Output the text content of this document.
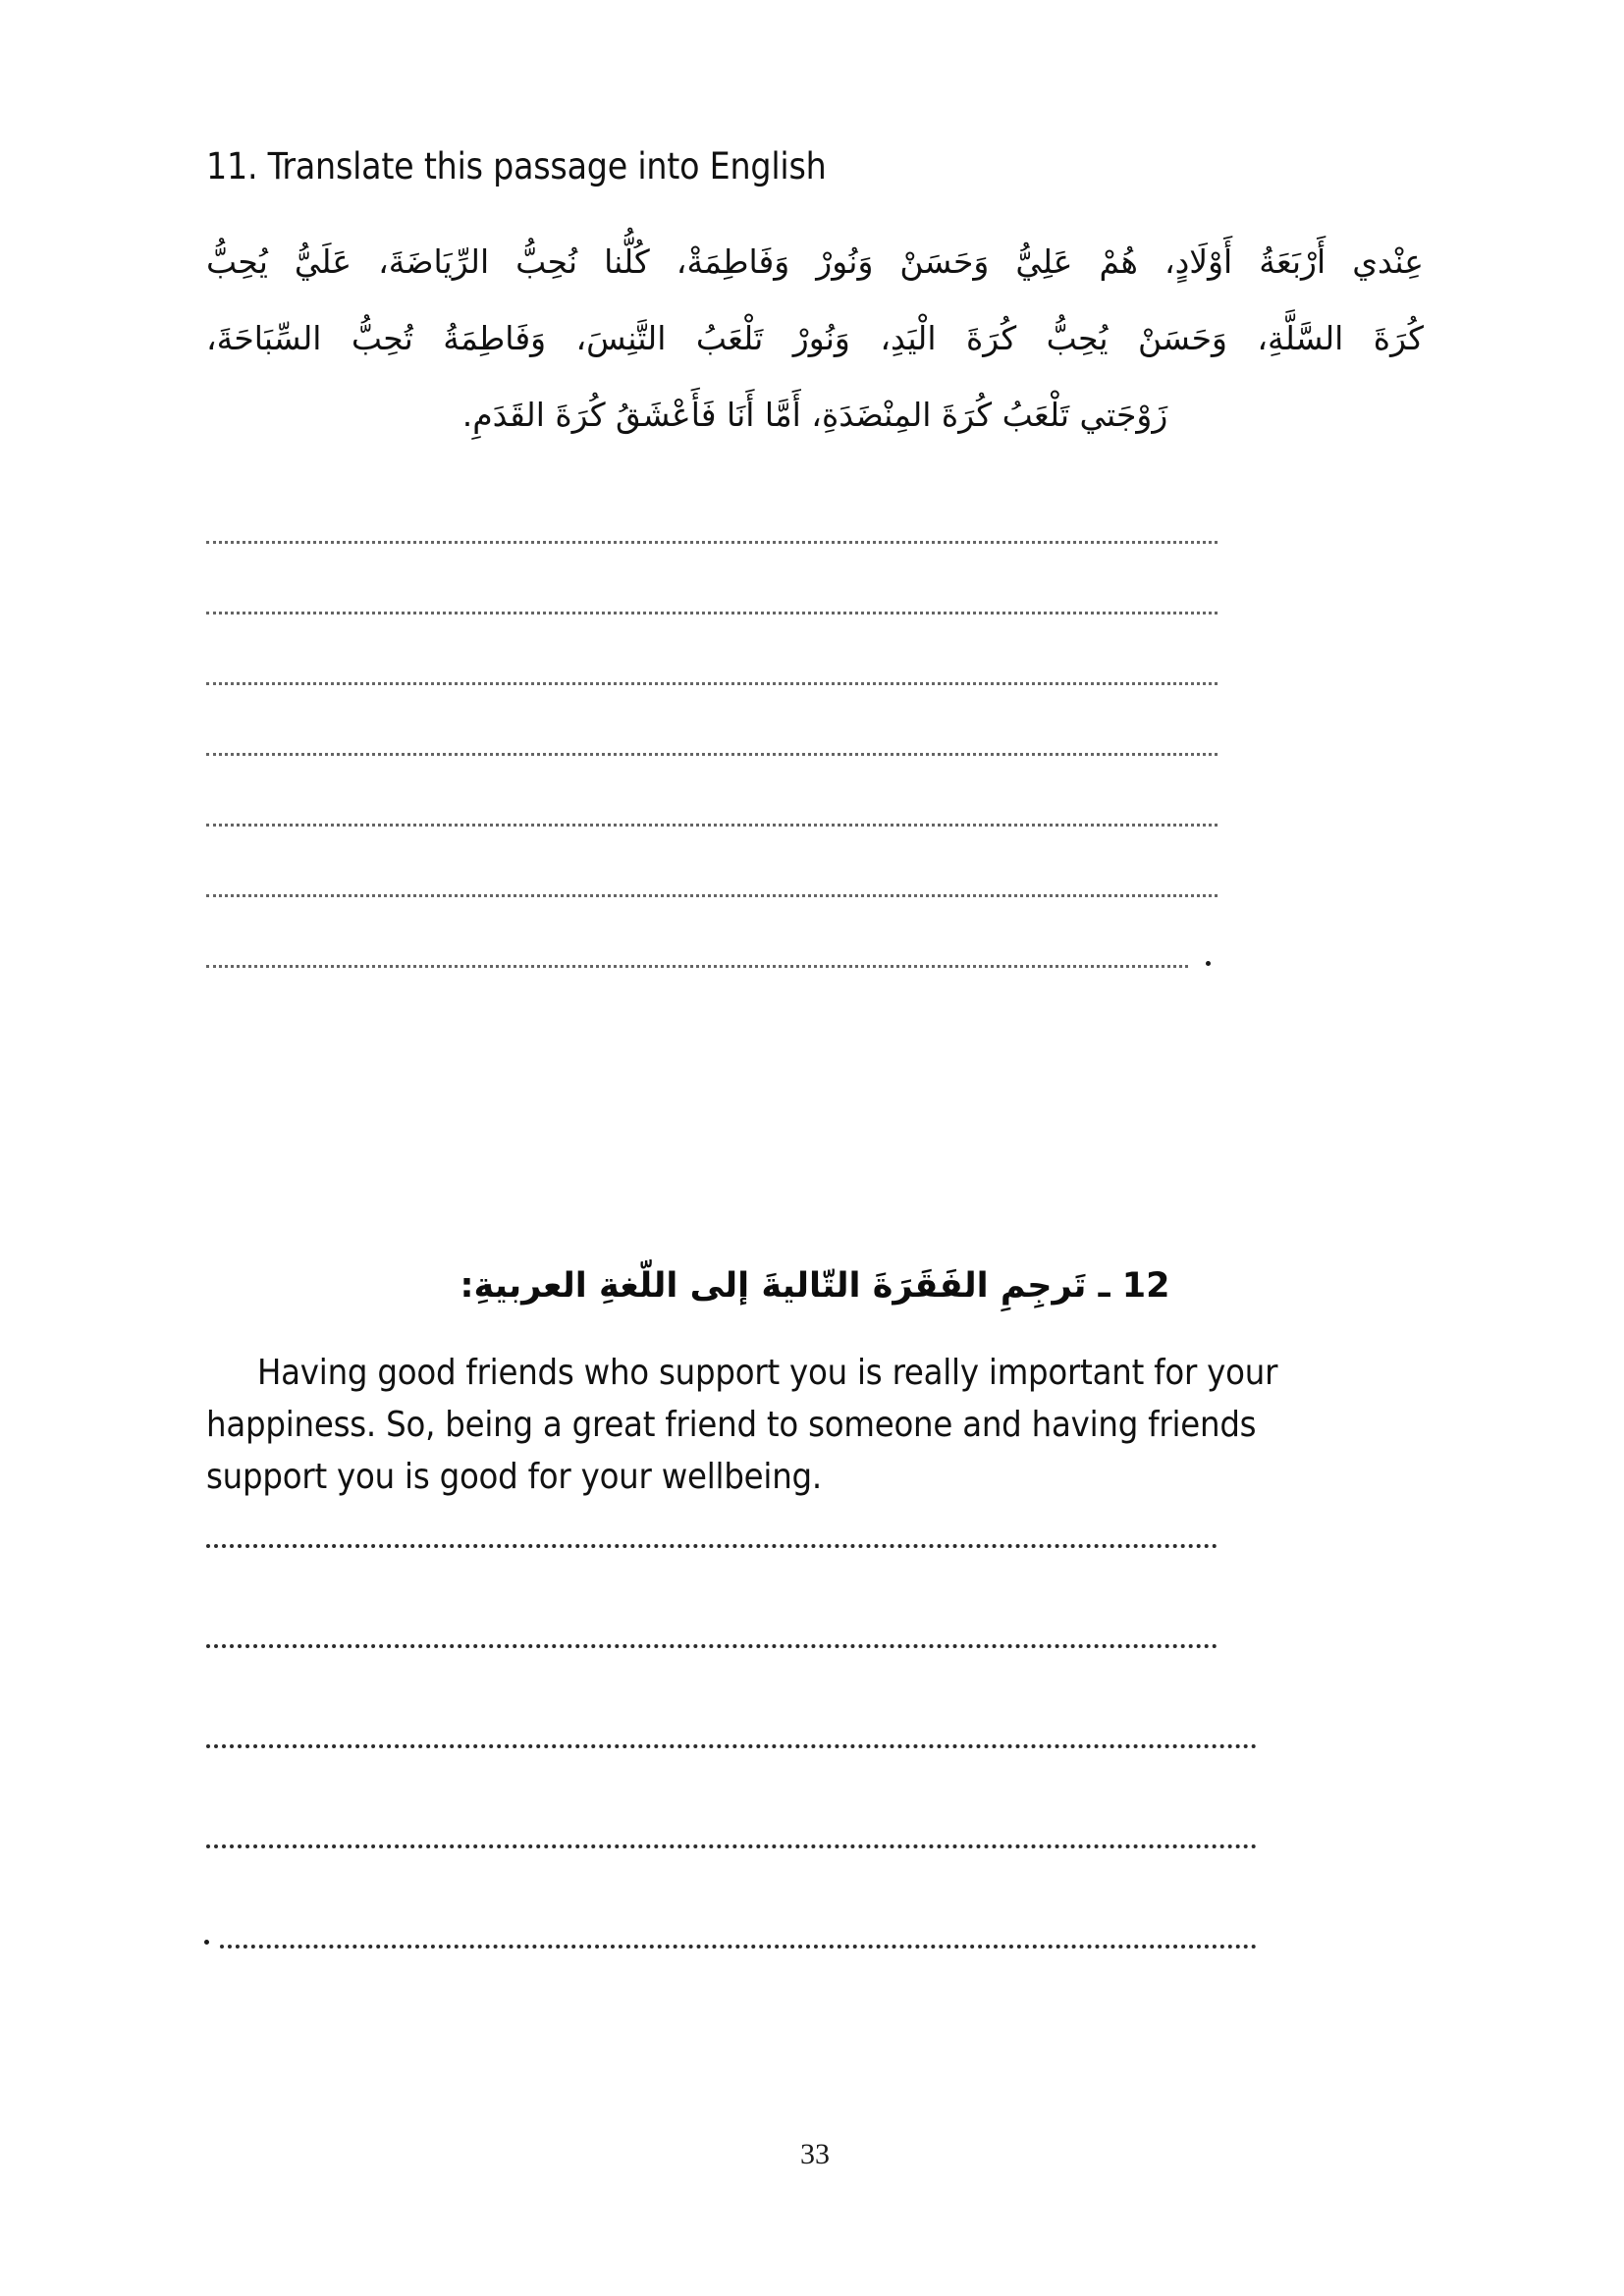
11. Translate this passage into English
عِنْدي أَرْبَعَةُ أَوْلَادٍ، هُمْ عَلِيُّ وَحَسَنْ وَنُورْ وَفَاطِمَةْ، كُلُّنا نُحِبُّ الرِّيَاضَةَ، عَلَيُّ يُحِبُّ
كُرَةَ السَّلَّةِ، وَحَسَنْ يُحِبُّ كُرَةَ الْيَدِ، وَنُورْ تَلْعَبُ التَّنِسَ، وَفَاطِمَةُ تُحِبُّ السِّبَاحَةَ،
زَوْجَتي تَلْعَبُ كُرَةَ المِنْضَدَةِ، أَمَّا أَنَا فَأَعْشَقُ كُرَةَ القَدَمِ.
12 ـ تَرجِمِ الفَقَرَةَ التّاليةَ إلى اللّغةِ العربيةِ:
Having good friends who support you is really important for your
happiness. So, being a great friend to someone and having friends
support you is good for your wellbeing.
33
